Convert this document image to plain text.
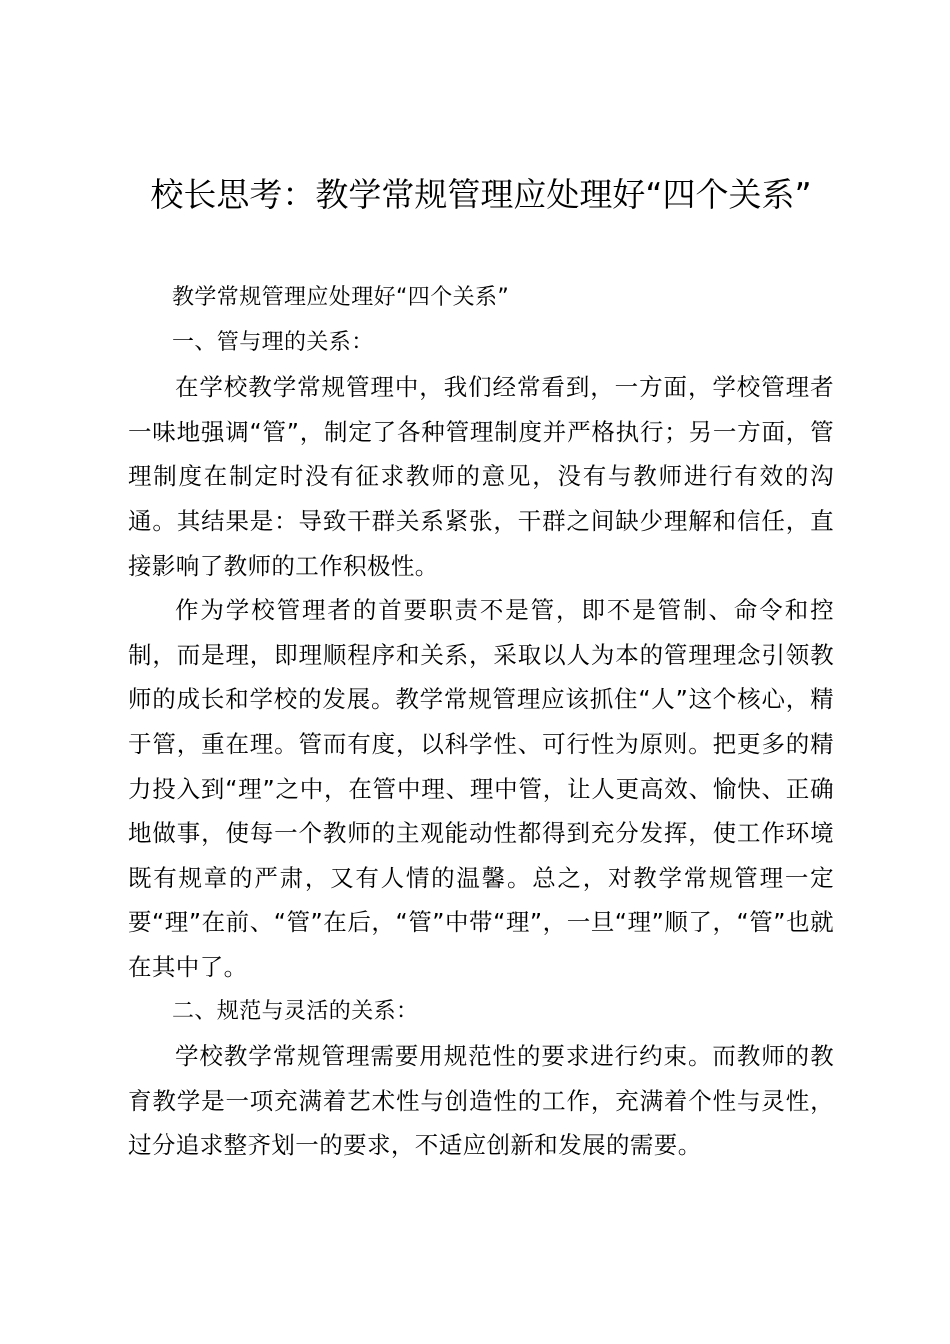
校长思考：教学常规管理应处理好“四个关系”

教学常规管理应处理好“四个关系”

一、管与理的关系：

在学校教学常规管理中，我们经常看到，一方面，学校管理者一味地强调“管”，制定了各种管理制度并严格执行；另一方面，管理制度在制定时没有征求教师的意见，没有与教师进行有效的沟通。其结果是：导致干群关系紧张，干群之间缺少理解和信任，直接影响了教师的工作积极性。

作为学校管理者的首要职责不是管，即不是管制、命令和控制，而是理，即理顺程序和关系，采取以人为本的管理理念引领教师的成长和学校的发展。教学常规管理应该抓住“人”这个核心，精于管，重在理。管而有度，以科学性、可行性为原则。把更多的精力投入到“理”之中，在管中理、理中管，让人更高效、愉快、正确地做事，使每一个教师的主观能动性都得到充分发挥，使工作环境既有规章的严肃，又有人情的温馨。总之，对教学常规管理一定要“理”在前、“管”在后，“管”中带“理”，一旦“理”顺了，“管”也就在其中了。

二、规范与灵活的关系：

学校教学常规管理需要用规范性的要求进行约束。而教师的教育教学是一项充满着艺术性与创造性的工作，充满着个性与灵性，过分追求整齐划一的要求，不适应创新和发展的需要。
